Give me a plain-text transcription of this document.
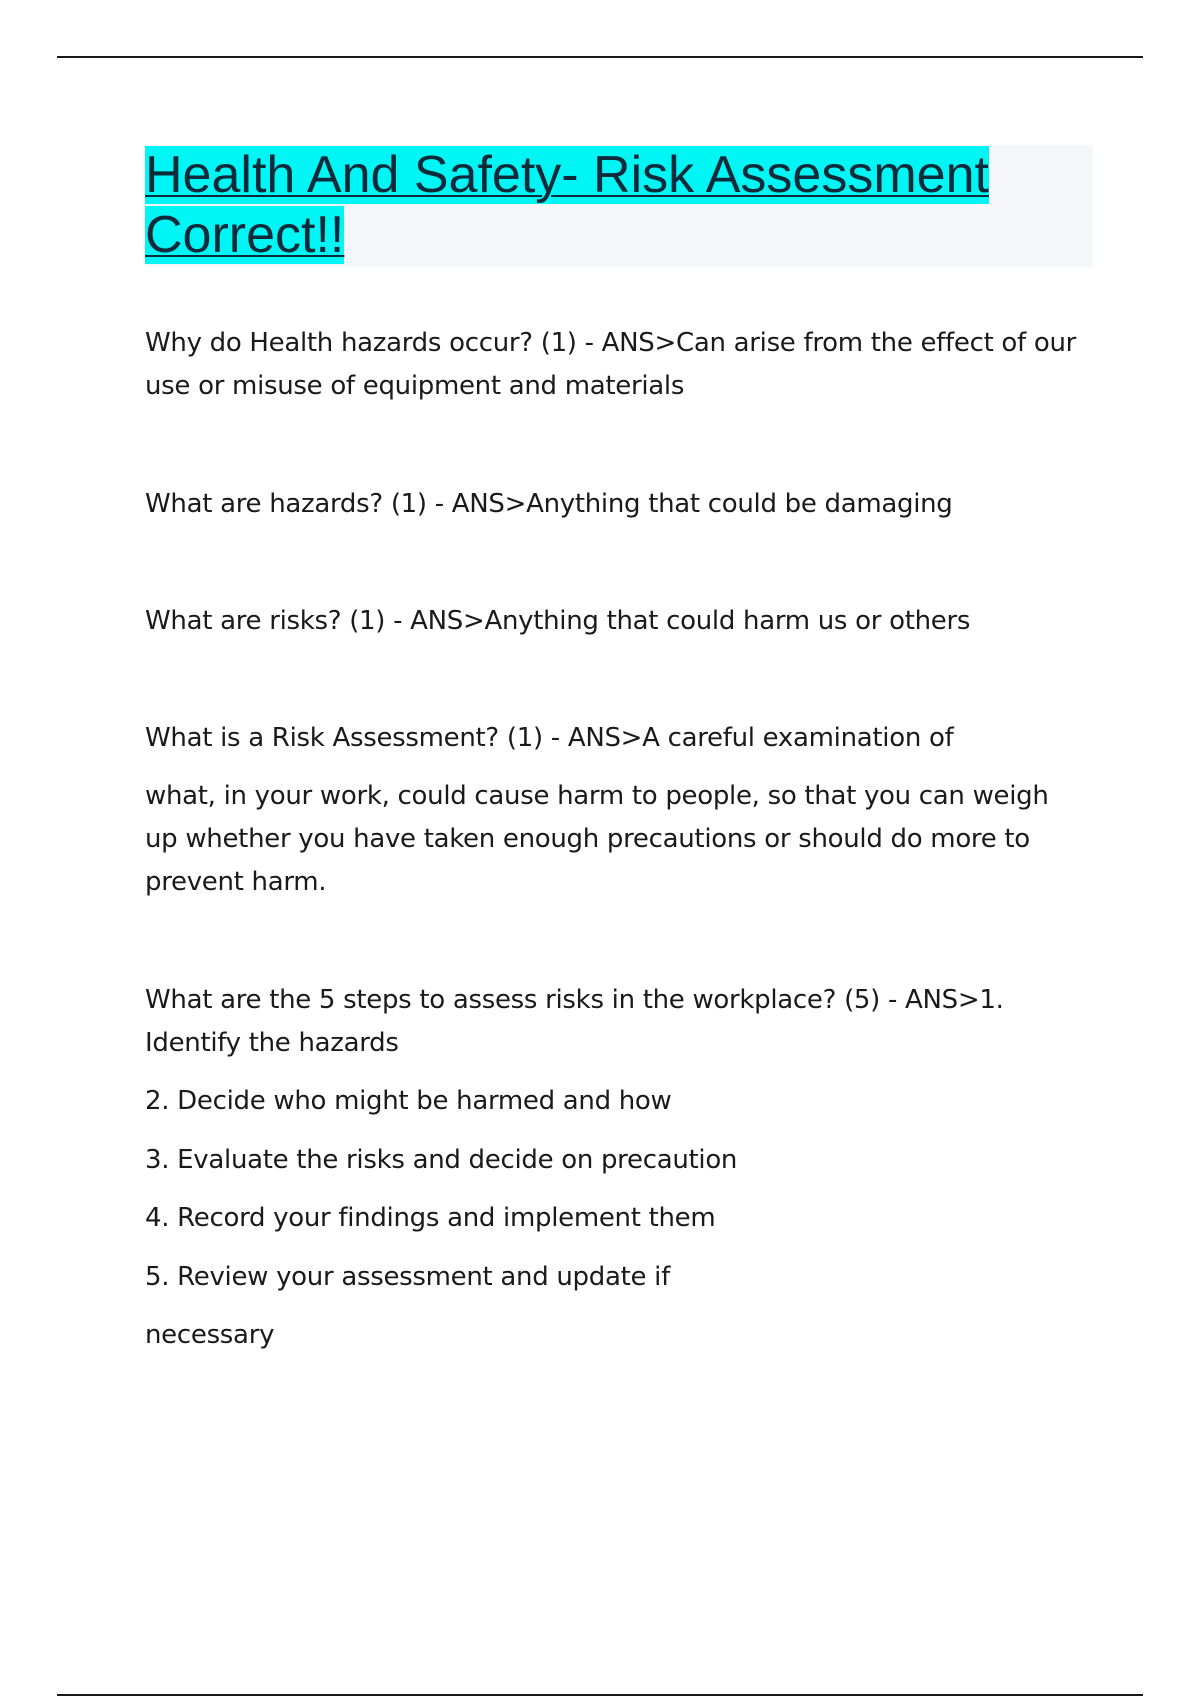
Health And Safety- Risk Assessment Correct!!

Why do Health hazards occur? (1) - ANS>Can arise from the effect of our use or misuse of equipment and materials

What are hazards? (1) - ANS>Anything that could be damaging

What are risks? (1) - ANS>Anything that could harm us or others

What is a Risk Assessment? (1) - ANS>A careful examination of

what, in your work, could cause harm to people, so that you can weigh up whether you have taken enough precautions or should do more to prevent harm.

What are the 5 steps to assess risks in the workplace? (5) - ANS>1. Identify the hazards

2. Decide who might be harmed and how

3. Evaluate the risks and decide on precaution

4. Record your findings and implement them

5. Review your assessment and update if

necessary
